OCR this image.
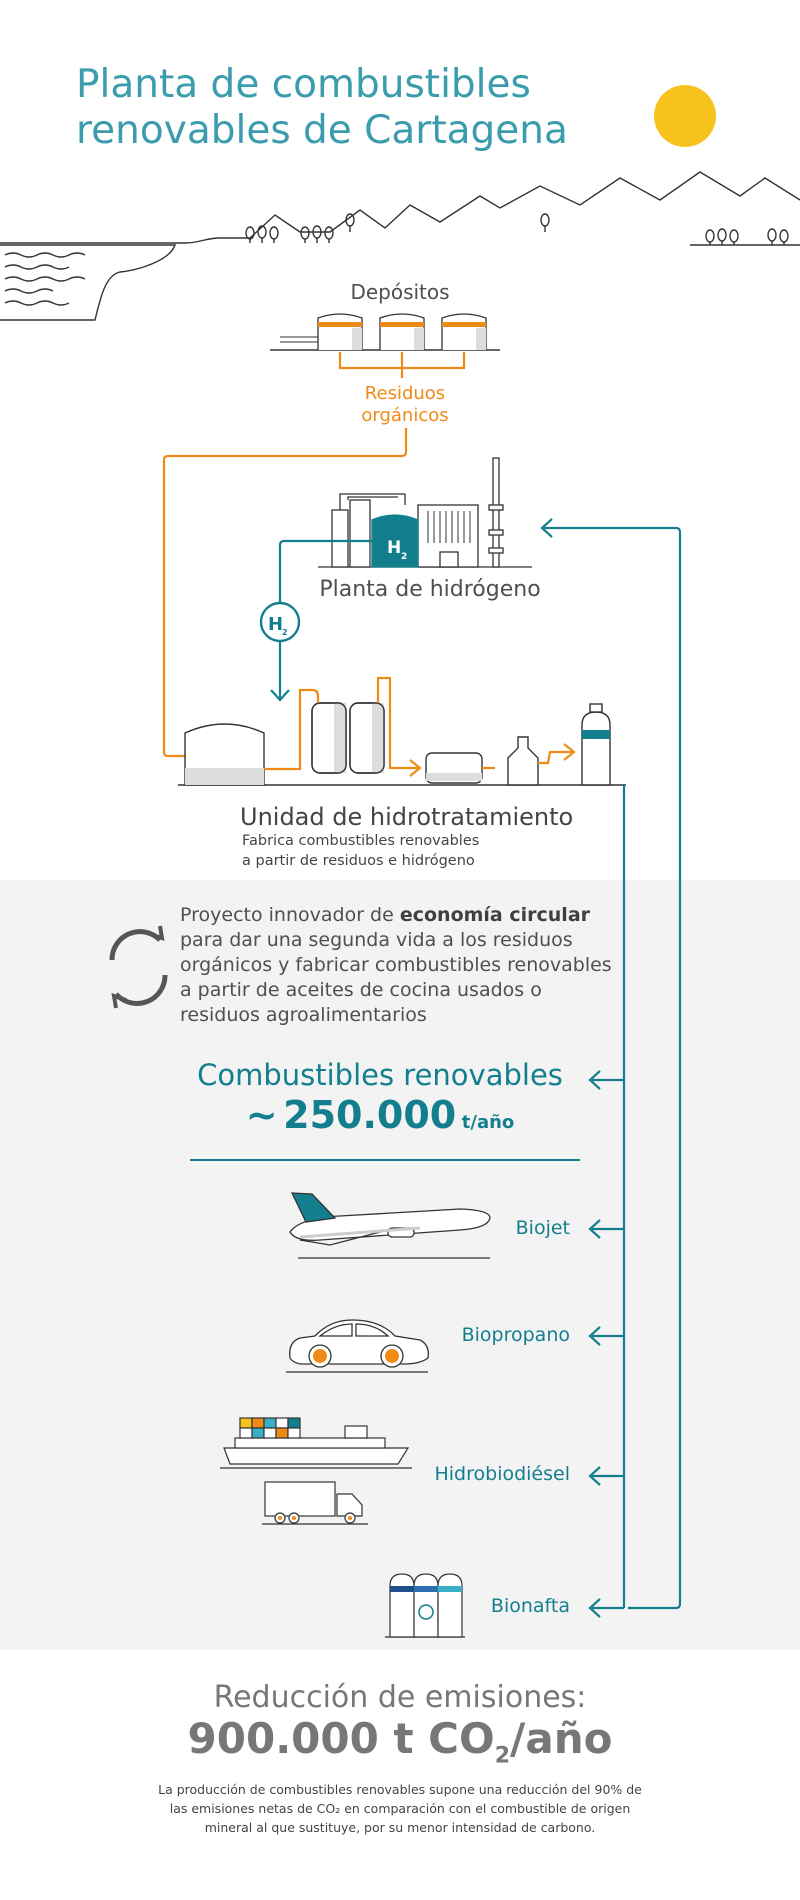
H 2
H
2
Planta de combustibles renovables de Cartagena
Depósitos
Residuos
orgánicos
Planta de hidrógeno
Unidad de hidrotratamiento
Fabrica combustibles renovables
a partir de residuos e hidrógeno
Proyecto innovador de economía circular para dar una segunda vida a los residuos orgánicos y fabricar combustibles renovables a partir de aceites de cocina usados o residuos agroalimentarios
Combustibles renovables
~ 250.000 t/año
Biojet
Biopropano
Hidrobiodiésel
Bionafta
Reducción de emisiones:
900.000 t $CO_2$/año
La producción de combustibles renovables supone una reducción del 90% de las emisiones netas de CO₂ en comparación con el combustible de origen mineral al que sustituye, por su menor intensidad de carbono.
